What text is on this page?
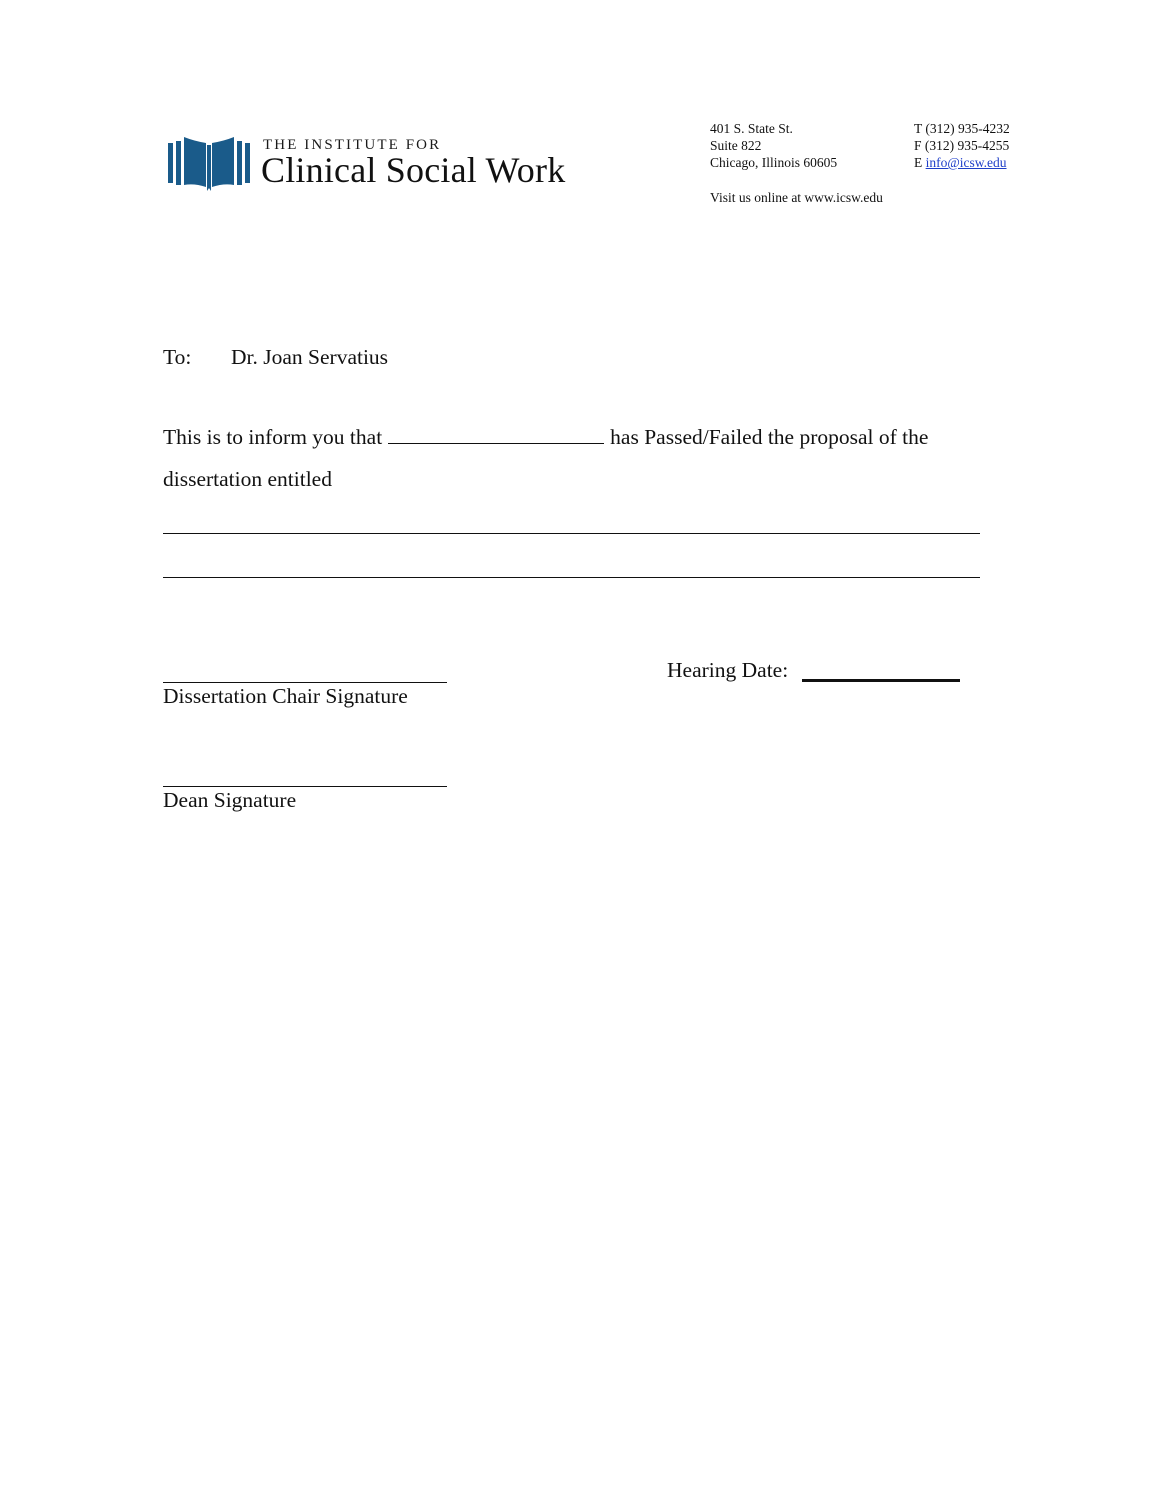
THE INSTITUTE FOR
Clinical Social Work
401 S. State St.
Suite 822
Chicago, Illinois 60605
T (312) 935-4232
F (312) 935-4255
E info@icsw.edu
Visit us online at www.icsw.edu
To: Dr. Joan Servatius
This is to inform you that	has Passed/Failed the proposal of the
dissertation entitled
Dissertation Chair Signature
Hearing Date:
Dean Signature
